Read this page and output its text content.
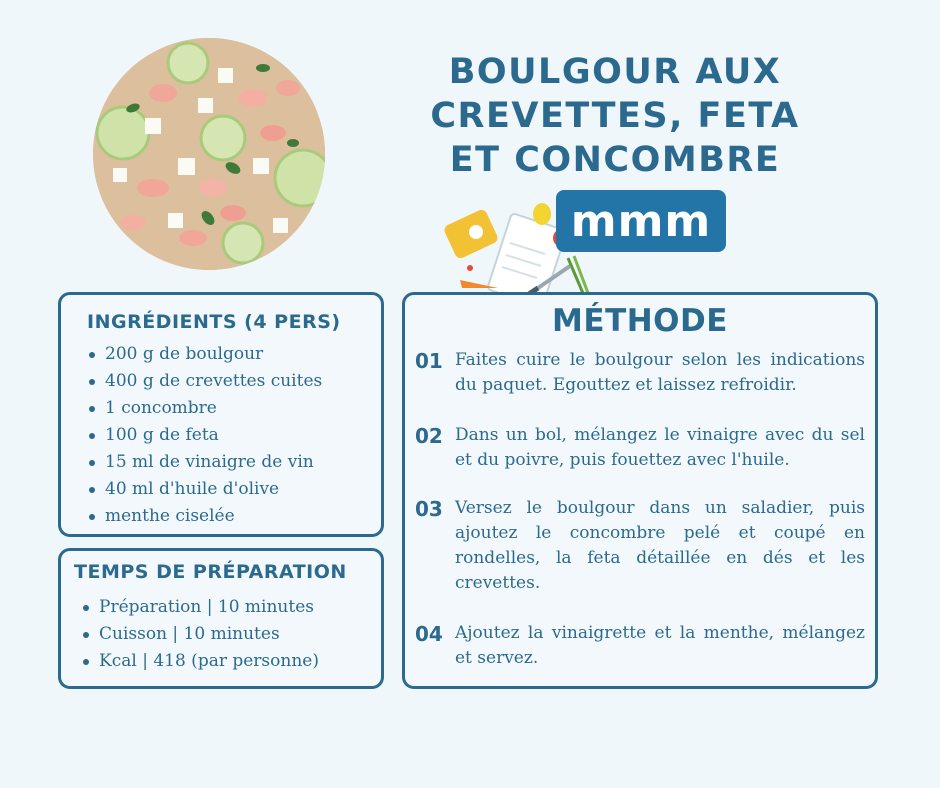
BOULGOUR AUX CREVETTES, FETA ET CONCOMBRE
mmm
INGRÉDIENTS (4 PERS)
200 g de boulgour
400 g de crevettes cuites
1 concombre
100 g de feta
15 ml de vinaigre de vin
40 ml d'huile d'olive
menthe ciselée
TEMPS DE PRÉPARATION
Préparation | 10 minutes
Cuisson | 10 minutes
Kcal | 418 (par personne)
MÉTHODE
01 Faites cuire le boulgour selon les indications du paquet. Egouttez et laissez refroidir.
02 Dans un bol, mélangez le vinaigre avec du sel et du poivre, puis fouettez avec l'huile.
03 Versez le boulgour dans un saladier, puis ajoutez le concombre pelé et coupé en rondelles, la feta détaillée en dés et les crevettes.
04 Ajoutez la vinaigrette et la menthe, mélangez et servez.
